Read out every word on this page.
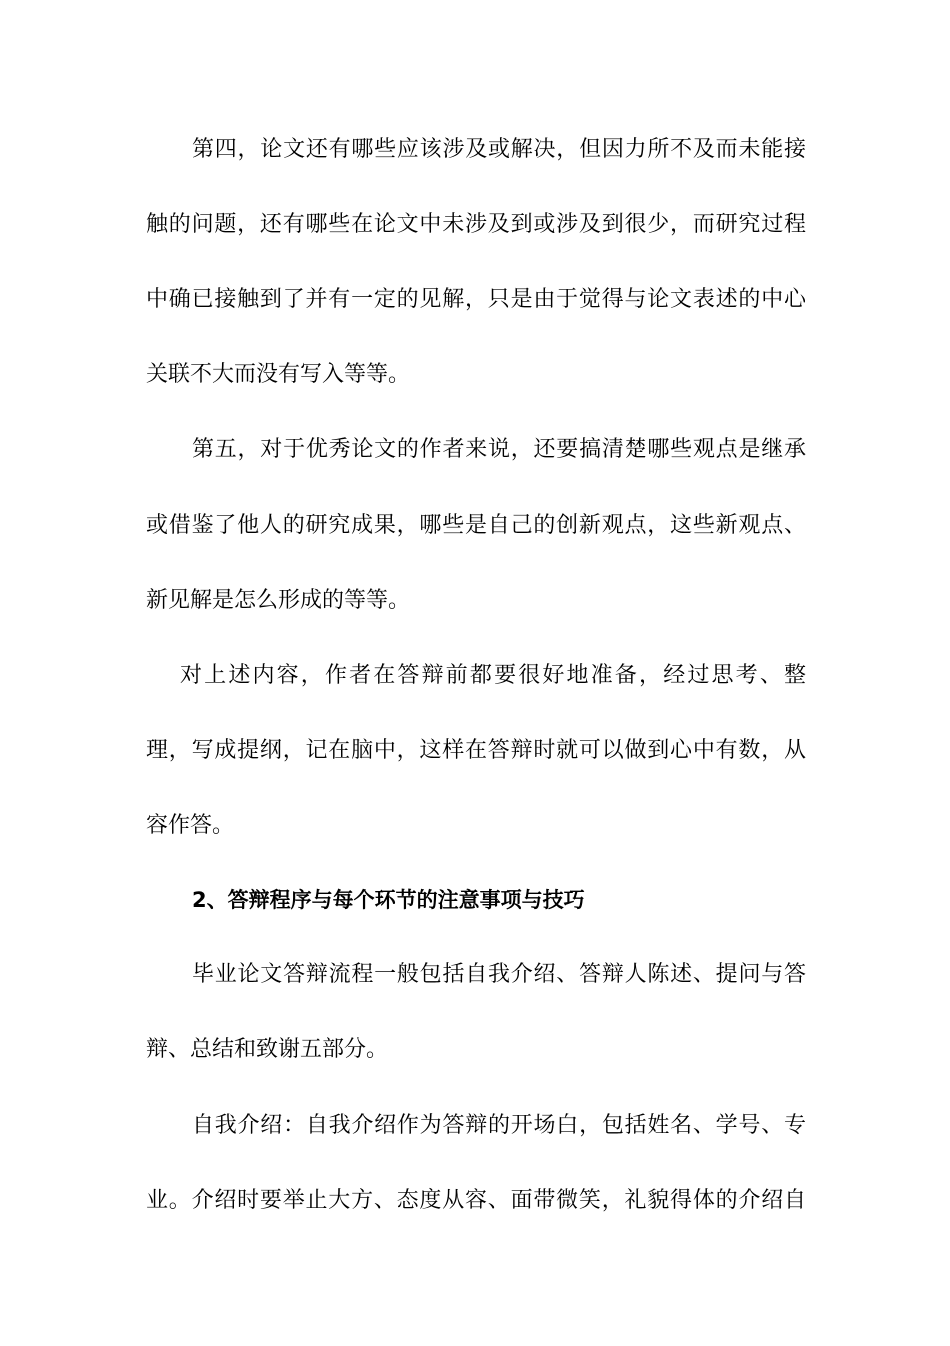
第四，论文还有哪些应该涉及或解决，但因力所不及而未能接
触的问题，还有哪些在论文中未涉及到或涉及到很少，而研究过程
中确已接触到了并有一定的见解，只是由于觉得与论文表述的中心
关联不大而没有写入等等。
第五，对于优秀论文的作者来说，还要搞清楚哪些观点是继承
或借鉴了他人的研究成果，哪些是自己的创新观点，这些新观点、
新见解是怎么形成的等等。
对上述内容，作者在答辩前都要很好地准备，经过思考、整
理，写成提纲，记在脑中，这样在答辩时就可以做到心中有数，从
容作答。
2、答辩程序与每个环节的注意事项与技巧
毕业论文答辩流程一般包括自我介绍、答辩人陈述、提问与答
辩、总结和致谢五部分。
自我介绍：自我介绍作为答辩的开场白，包括姓名、学号、专
业。介绍时要举止大方、态度从容、面带微笑，礼貌得体的介绍自
